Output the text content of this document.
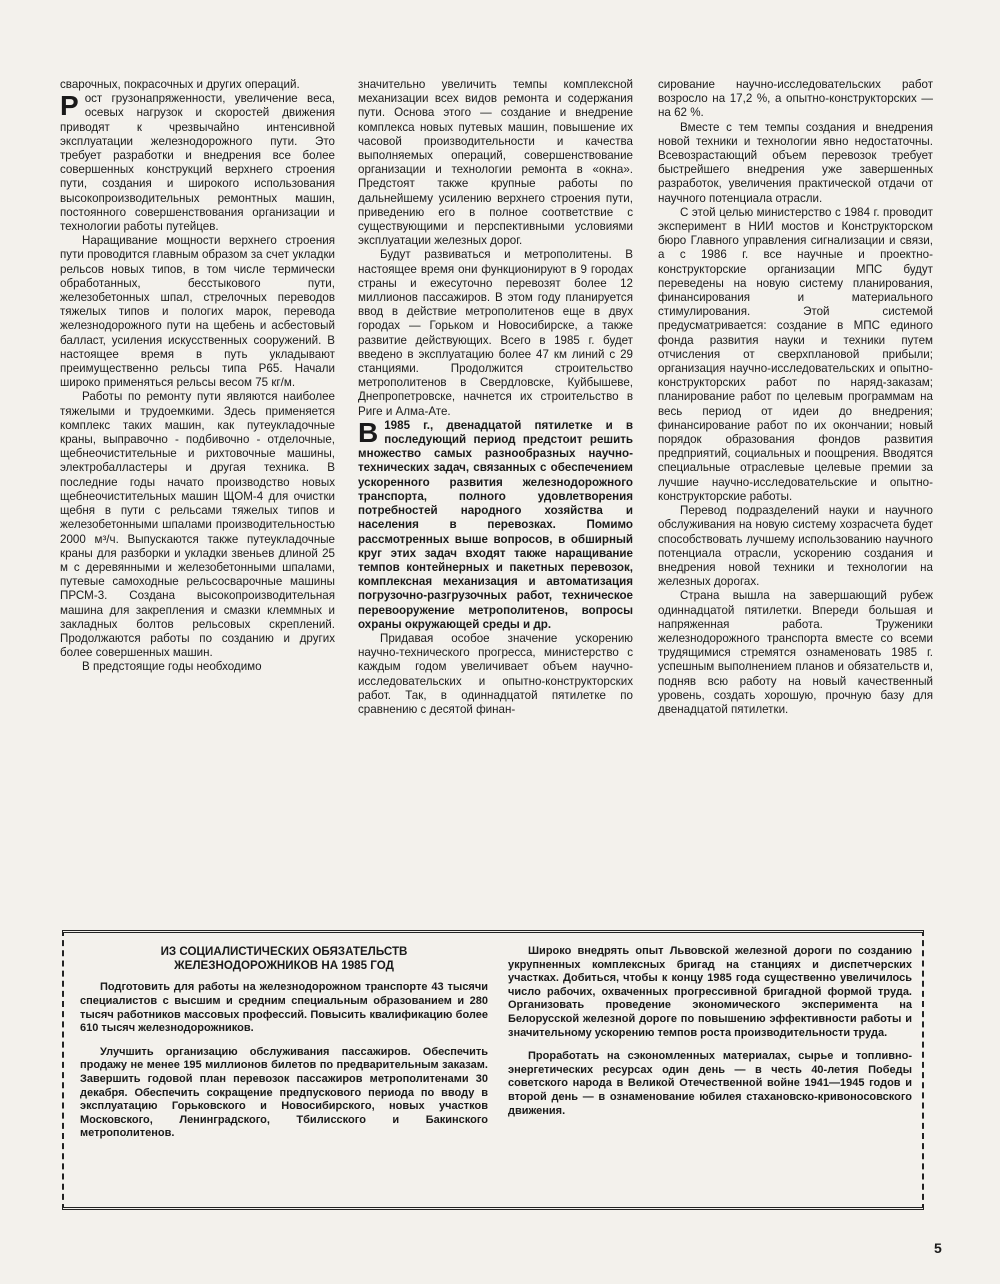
сварочных, покрасочных и других операций.

Рост грузонапряженности, увеличение веса, осевых нагрузок и скоростей движения приводят к чрезвычайно интенсивной эксплуатации железнодорожного пути. Это требует разработки и внедрения все более совершенных конструкций верхнего строения пути, создания и широкого использования высокопроизводительных ремонтных машин, постоянного совершенствования организации и технологии работы путейцев.

Наращивание мощности верхнего строения пути проводится главным образом за счет укладки рельсов новых типов, в том числе термически обработанных, бесстыкового пути, железобетонных шпал, стрелочных переводов тяжелых типов и пологих марок, перевода железнодорожного пути на щебень и асбестовый балласт, усиления искусственных сооружений. В настоящее время в путь укладывают преимущественно рельсы типа Р65. Начали широко применяться рельсы весом 75 кг/м.

Работы по ремонту пути являются наиболее тяжелыми и трудоемкими. Здесь применяется комплекс таких машин, как путеукладочные краны, выправочно - подбивочно - отделочные, щебнеочистительные и рихтовочные машины, электробалластеры и другая техника. В последние годы начато производство новых щебнеочистительных машин ЩОМ-4 для очистки щебня в пути с рельсами тяжелых типов и железобетонными шпалами производительностью 2000 м³/ч. Выпускаются также путеукладочные краны для разборки и укладки звеньев длиной 25 м с деревянными и железобетонными шпалами, путевые самоходные рельсосварочные машины ПРСМ-3. Создана высокопроизводительная машина для закрепления и смазки клеммных и закладных болтов рельсовых скреплений. Продолжаются работы по созданию и других более совершенных машин.

В предстоящие годы необходимо

значительно увеличить темпы комплексной механизации всех видов ремонта и содержания пути. Основа этого — создание и внедрение комплекса новых путевых машин, повышение их часовой производительности и качества выполняемых операций, совершенствование организации и технологии ремонта в «окна». Предстоят также крупные работы по дальнейшему усилению верхнего строения пути, приведению его в полное соответствие с существующими и перспективными условиями эксплуатации железных дорог.

Будут развиваться и метрополитены. В настоящее время они функционируют в 9 городах страны и ежесуточно перевозят более 12 миллионов пассажиров. В этом году планируется ввод в действие метрополитенов еще в двух городах — Горьком и Новосибирске, а также развитие действующих. Всего в 1985 г. будет введено в эксплуатацию более 47 км линий с 29 станциями. Продолжится строительство метрополитенов в Свердловске, Куйбышеве, Днепропетровске, начнется их строительство в Риге и Алма-Ате.

В 1985 г., двенадцатой пятилетке и в последующий период предстоит решить множество самых разнообразных научно-технических задач, связанных с обеспечением ускоренного развития железнодорожного транспорта, полного удовлетворения потребностей народного хозяйства и населения в перевозках. Помимо рассмотренных выше вопросов, в обширный круг этих задач входят также наращивание темпов контейнерных и пакетных перевозок, комплексная механизация и автоматизация погрузочно-разгрузочных работ, техническое перевооружение метрополитенов, вопросы охраны окружающей среды и др.

Придавая особое значение ускорению научно-технического прогресса, министерство с каждым годом увеличивает объем научно-исследовательских и опытно-конструкторских работ. Так, в одиннадцатой пятилетке по сравнению с десятой финан-

сирование научно-исследовательских работ возросло на 17,2 %, а опытно-конструкторских — на 62 %.

Вместе с тем темпы создания и внедрения новой техники и технологии явно недостаточны. Всевозрастающий объем перевозок требует быстрейшего внедрения уже завершенных разработок, увеличения практической отдачи от научного потенциала отрасли.

С этой целью министерство с 1984 г. проводит эксперимент в НИИ мостов и Конструкторском бюро Главного управления сигнализации и связи, а с 1986 г. все научные и проектно-конструкторские организации МПС будут переведены на новую систему планирования, финансирования и материального стимулирования. Этой системой предусматривается: создание в МПС единого фонда развития науки и техники путем отчисления от сверхплановой прибыли; организация научно-исследовательских и опытно-конструкторских работ по наряд-заказам; планирование работ по целевым программам на весь период от идеи до внедрения; финансирование работ по их окончании; новый порядок образования фондов развития предприятий, социальных и поощрения. Вводятся специальные отраслевые целевые премии за лучшие научно-исследовательские и опытно-конструкторские работы.

Перевод подразделений науки и научного обслуживания на новую систему хозрасчета будет способствовать лучшему использованию научного потенциала отрасли, ускорению создания и внедрения новой техники и технологии на железных дорогах.

Страна вышла на завершающий рубеж одиннадцатой пятилетки. Впереди большая и напряженная работа. Труженики железнодорожного транспорта вместе со всеми трудящимися стремятся ознаменовать 1985 г. успешным выполнением планов и обязательств и, подняв всю работу на новый качественный уровень, создать хорошую, прочную базу для двенадцатой пятилетки.

ИЗ СОЦИАЛИСТИЧЕСКИХ ОБЯЗАТЕЛЬСТВ
ЖЕЛЕЗНОДОРОЖНИКОВ НА 1985 ГОД

Подготовить для работы на железнодорожном транспорте 43 тысячи специалистов с высшим и средним специальным образованием и 280 тысяч работников массовых профессий. Повысить квалификацию более 610 тысяч железнодорожников.

Улучшить организацию обслуживания пассажиров. Обеспечить продажу не менее 195 миллионов билетов по предварительным заказам. Завершить годовой план перевозок пассажиров метрополитенами 30 декабря. Обеспечить сокращение предпускового периода по вводу в эксплуатацию Горьковского и Новосибирского, новых участков Московского, Ленинградского, Тбилисского и Бакинского метрополитенов.

Широко внедрять опыт Львовской железной дороги по созданию укрупненных комплексных бригад на станциях и диспетчерских участках. Добиться, чтобы к концу 1985 года существенно увеличилось число рабочих, охваченных прогрессивной бригадной формой труда. Организовать проведение экономического эксперимента на Белорусской железной дороге по повышению эффективности работы и значительному ускорению темпов роста производительности труда.

Проработать на сэкономленных материалах, сырье и топливно-энергетических ресурсах один день — в честь 40-летия Победы советского народа в Великой Отечественной войне 1941—1945 годов и второй день — в ознаменование юбилея стахановско-кривоносовского движения.

5
